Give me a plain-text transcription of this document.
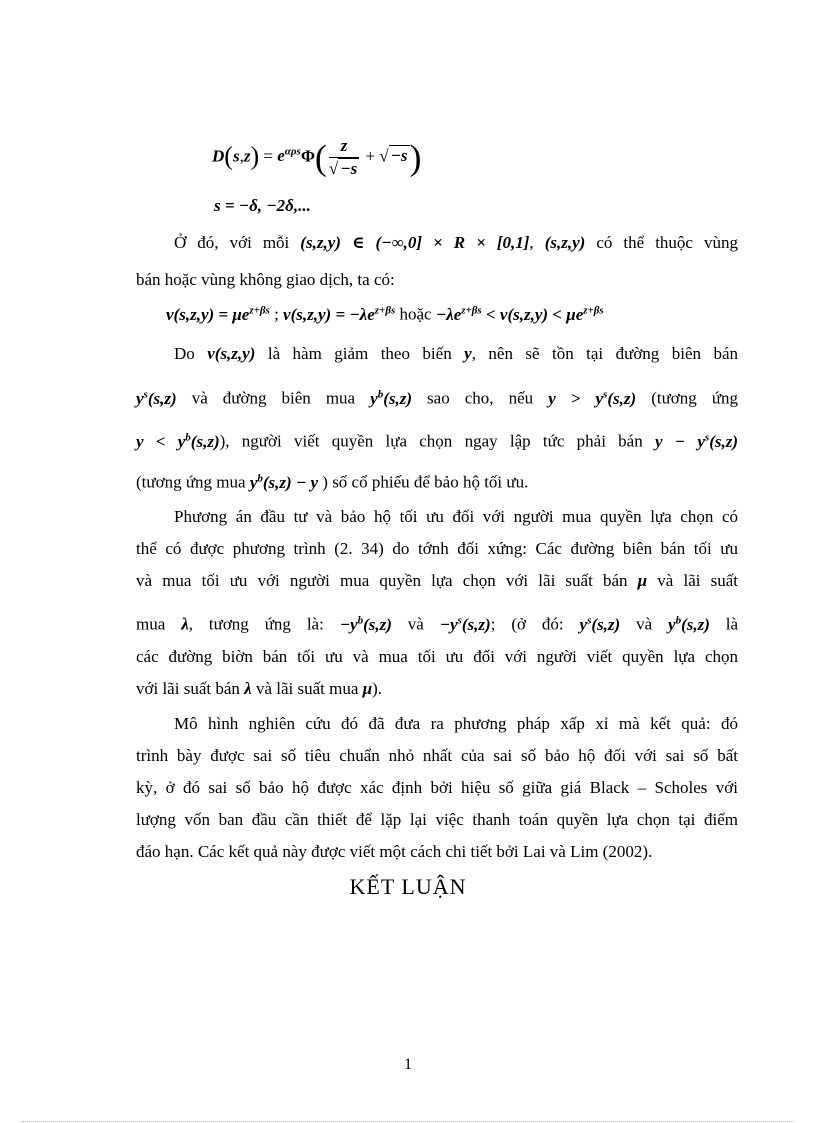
$D(s,z) = e^{\alpha\rho s}\Phi( \frac{z}{√ -s}$ + √ −s)
s = −δ, −2δ,...
Ở đó, với mỗi (s,z,y) ∈ (−∞,0] × R × [0,1], (s,z,y) có thể thuộc vùng
bán hoặc vùng không giao dịch, ta có:
$v(s,z,y) = \mu e^{z+\beta s}$ ; $v(s,z,y) = -\lambda e^{z+\beta s}$ hoặc $-\lambda e^{z+\beta s} < v(s,z,y) < \mu e^{z+\beta s}$
Do v(s,z,y) là hàm giảm theo biến y, nên sẽ tồn tại đường biên bán
$y^s(s,z)$ và đường biên mua $y^b(s,z)$ sao cho, nếu $y > y^s(s,z)$ (tương ứng
$y < y^b(s,z)$), người viết quyền lựa chọn ngay lập tức phải bán $y - y^s(s,z)$
(tương ứng mua $y^b(s,z) - y$ ) số cổ phiếu để bảo hộ tối ưu.
Phương án đầu tư và bảo hộ tối ưu đối với người mua quyền lựa chọn có
thể có được phương trình (2. 34) do tớnh đối xứng: Các đường biên bán tối ưu
và mua tối ưu với người mua quyền lựa chọn với lãi suất bán μ và lãi suất
mua λ, tương ứng là: $-y^b(s,z)$ và $-y^s(s,z)$; (ở đó: $y^s(s,z)$ và $y^b(s,z)$ là
các đường biờn bán tối ưu và mua tối ưu đối với người viết quyền lựa chọn
với lãi suất bán λ và lãi suất mua μ).
Mô hình nghiên cứu đó đã đưa ra phương pháp xấp xỉ mà kết quả: đó
trình bày được sai số tiêu chuẩn nhỏ nhất của sai số bảo hộ đối với sai số bất
kỳ, ở đó sai số bảo hộ được xác định bởi hiệu số giữa giá Black – Scholes với
lượng vốn ban đầu cần thiết để lặp lại việc thanh toán quyền lựa chọn tại điểm
đáo hạn. Các kết quả này được viết một cách chi tiết bởi Lai và Lim (2002).
KẾT LUẬN
1
